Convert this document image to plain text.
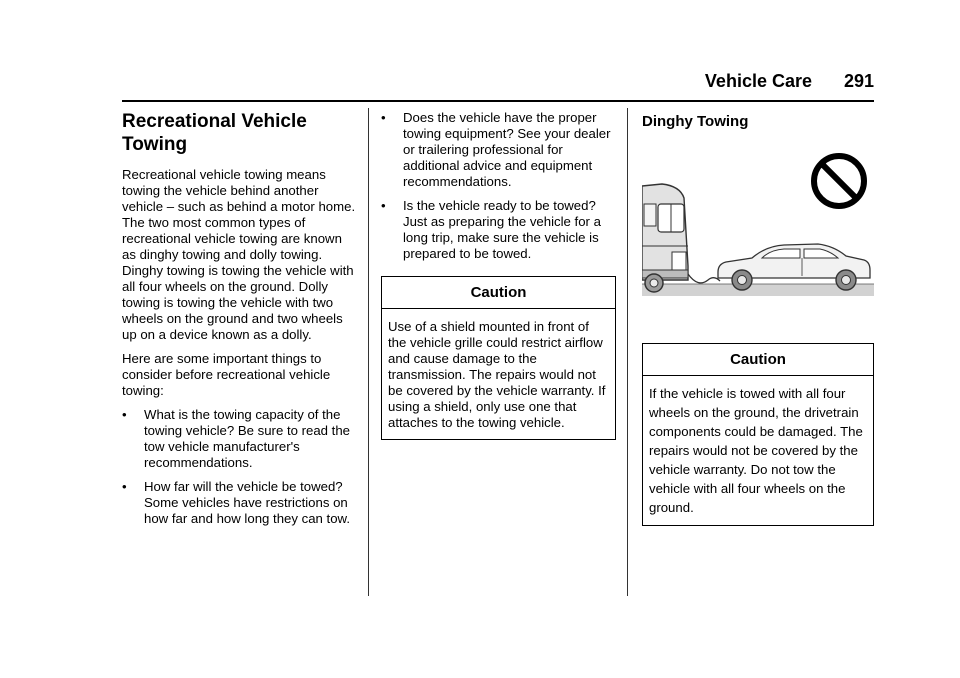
Vehicle Care 291
Recreational Vehicle Towing

Recreational vehicle towing means towing the vehicle behind another vehicle – such as behind a motor home. The two most common types of recreational vehicle towing are known as dinghy towing and dolly towing. Dinghy towing is towing the vehicle with all four wheels on the ground. Dolly towing is towing the vehicle with two wheels on the ground and two wheels up on a device known as a dolly.

Here are some important things to consider before recreational vehicle towing:

• What is the towing capacity of the towing vehicle? Be sure to read the tow vehicle manufacturer's recommendations.
• How far will the vehicle be towed? Some vehicles have restrictions on how far and how long they can tow.
• Does the vehicle have the proper towing equipment? See your dealer or trailering professional for additional advice and equipment recommendations.
• Is the vehicle ready to be towed? Just as preparing the vehicle for a long trip, make sure the vehicle is prepared to be towed.
Caution
Use of a shield mounted in front of the vehicle grille could restrict airflow and cause damage to the transmission. The repairs would not be covered by the vehicle warranty. If using a shield, only use one that attaches to the towing vehicle.
Dinghy Towing
Caution
If the vehicle is towed with all four wheels on the ground, the drivetrain components could be damaged. The repairs would not be covered by the vehicle warranty. Do not tow the vehicle with all four wheels on the ground.
